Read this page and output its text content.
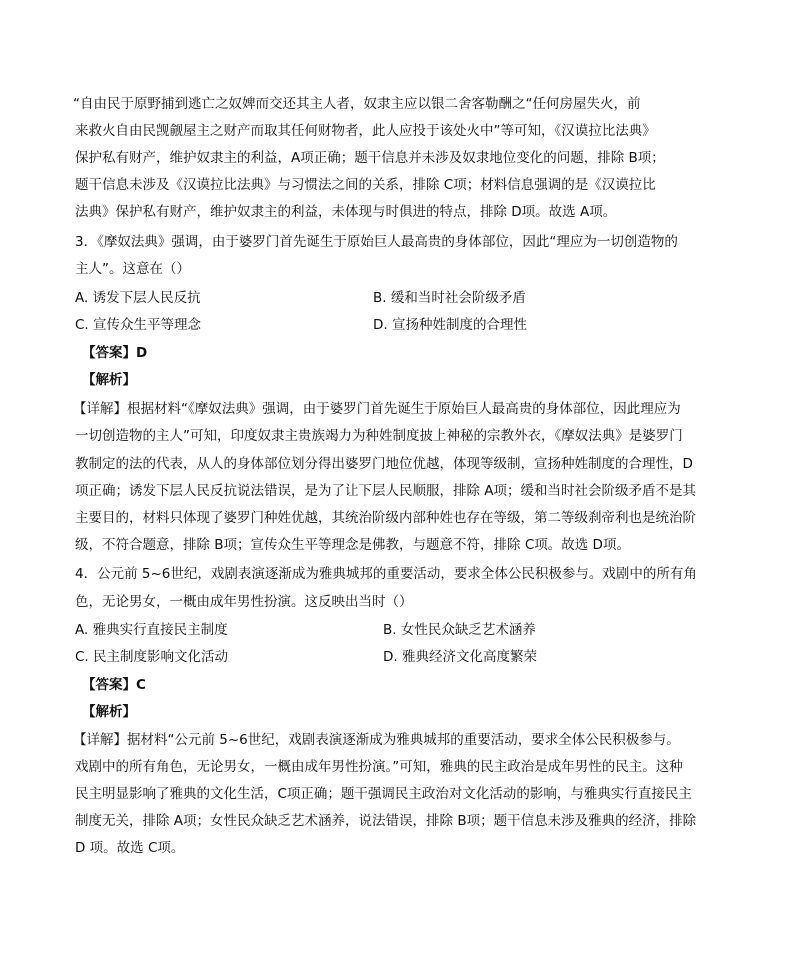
“自由民于原野捕到逃亡之奴婢而交还其主人者，奴隶主应以银二舍客勒酬之“任何房屋失火，前
来救火自由民觊觎屋主之财产而取其任何财物者，此人应投于该处火中”等可知，《汉谟拉比法典》
保护私有财产，维护奴隶主的利益，A项正确；题干信息并未涉及奴隶地位变化的问题，排除 B项；
题干信息未涉及《汉谟拉比法典》与习惯法之间的关系，排除 C项；材料信息强调的是《汉谟拉比
法典》保护私有财产，维护奴隶主的利益，未体现与时俱进的特点，排除 D项。故选 A项。
3．《摩奴法典》强调，由于婆罗门首先诞生于原始巨人最高贵的身体部位，因此“理应为一切创造物的
主人”。这意在（）
A. 诱发下层人民反抗	B. 缓和当时社会阶级矛盾
C. 宣传众生平等理念	D. 宣扬种姓制度的合理性
【答案】D
【解析】
【详解】根据材料“《摩奴法典》强调，由于婆罗门首先诞生于原始巨人最高贵的身体部位，因此理应为
一切创造物的主人”可知，印度奴隶主贵族竭力为种姓制度披上神秘的宗教外衣，《摩奴法典》是婆罗门
教制定的法的代表，从人的身体部位划分得出婆罗门地位优越，体现等级制，宣扬种姓制度的合理性，D
项正确；诱发下层人民反抗说法错误，是为了让下层人民顺服，排除 A项；缓和当时社会阶级矛盾不是其
主要目的，材料只体现了婆罗门种姓优越，其统治阶级内部种姓也存在等级，第二等级刹帝利也是统治阶
级，不符合题意，排除 B项；宣传众生平等理念是佛教，与题意不符，排除 C项。故选 D项。
4．公元前 5~6世纪，戏剧表演逐渐成为雅典城邦的重要活动，要求全体公民积极参与。戏剧中的所有角
色，无论男女，一概由成年男性扮演。这反映出当时（）
A. 雅典实行直接民主制度	B. 女性民众缺乏艺术涵养
C. 民主制度影响文化活动	D. 雅典经济文化高度繁荣
【答案】C
【解析】
【详解】据材料“公元前 5~6世纪，戏剧表演逐渐成为雅典城邦的重要活动，要求全体公民积极参与。
戏剧中的所有角色，无论男女，一概由成年男性扮演。”可知，雅典的民主政治是成年男性的民主。这种
民主明显影响了雅典的文化生活，C项正确；题干强调民主政治对文化活动的影响，与雅典实行直接民主
制度无关，排除 A项；女性民众缺乏艺术涵养，说法错误，排除 B项；题干信息未涉及雅典的经济，排除
D 项。故选 C项。
